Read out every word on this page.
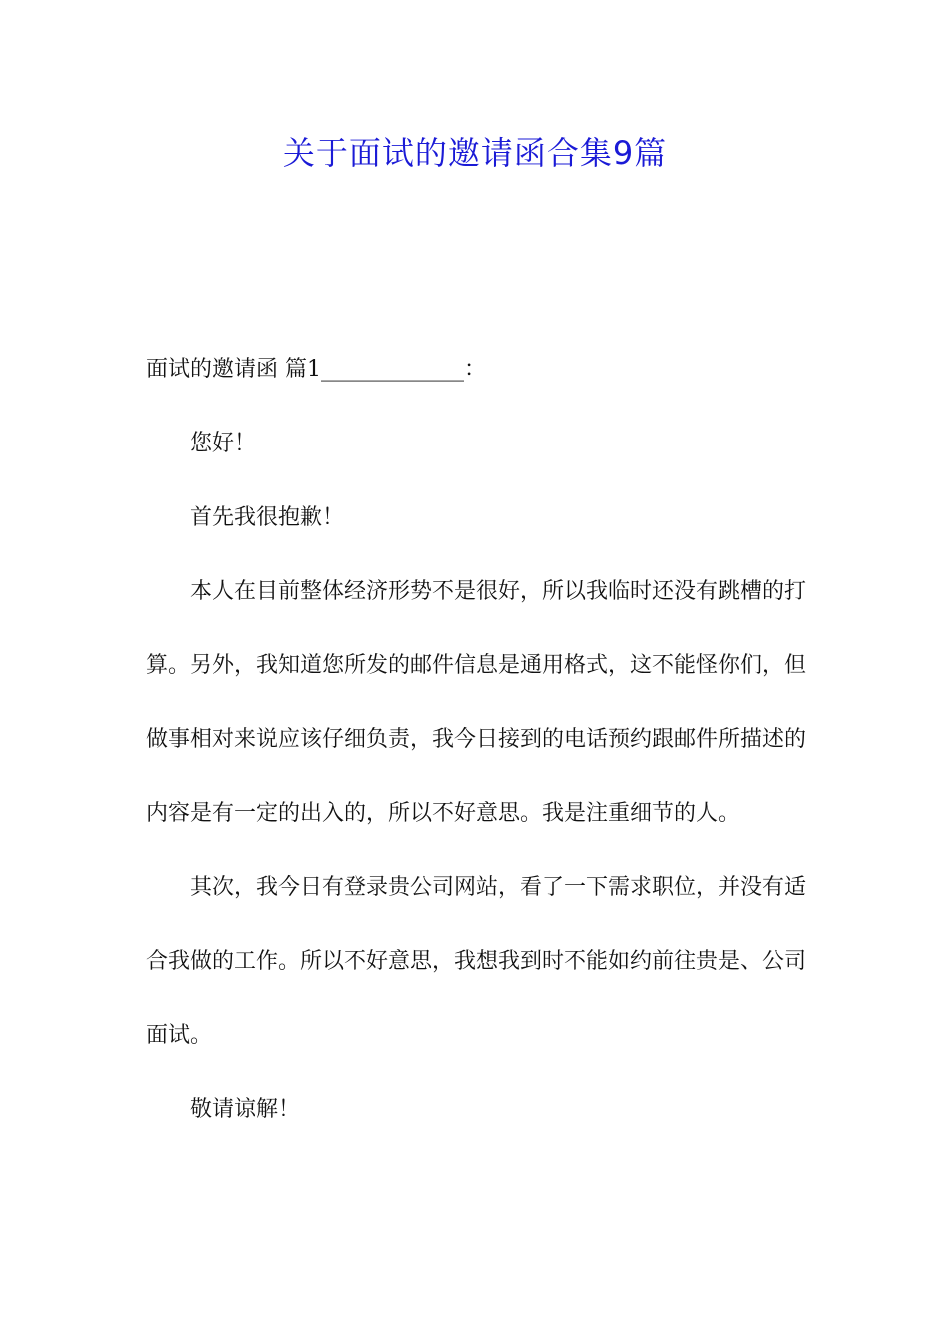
关于面试的邀请函合集9篇

面试的邀请函 篇1_____________：

您好！

首先我很抱歉！

本人在目前整体经济形势不是很好，所以我临时还没有跳槽的打算。另外，我知道您所发的邮件信息是通用格式，这不能怪你们，但做事相对来说应该仔细负责，我今日接到的电话预约跟邮件所描述的内容是有一定的出入的，所以不好意思。我是注重细节的人。

其次，我今日有登录贵公司网站，看了一下需求职位，并没有适合我做的工作。所以不好意思，我想我到时不能如约前往贵是、公司面试。

敬请谅解！
